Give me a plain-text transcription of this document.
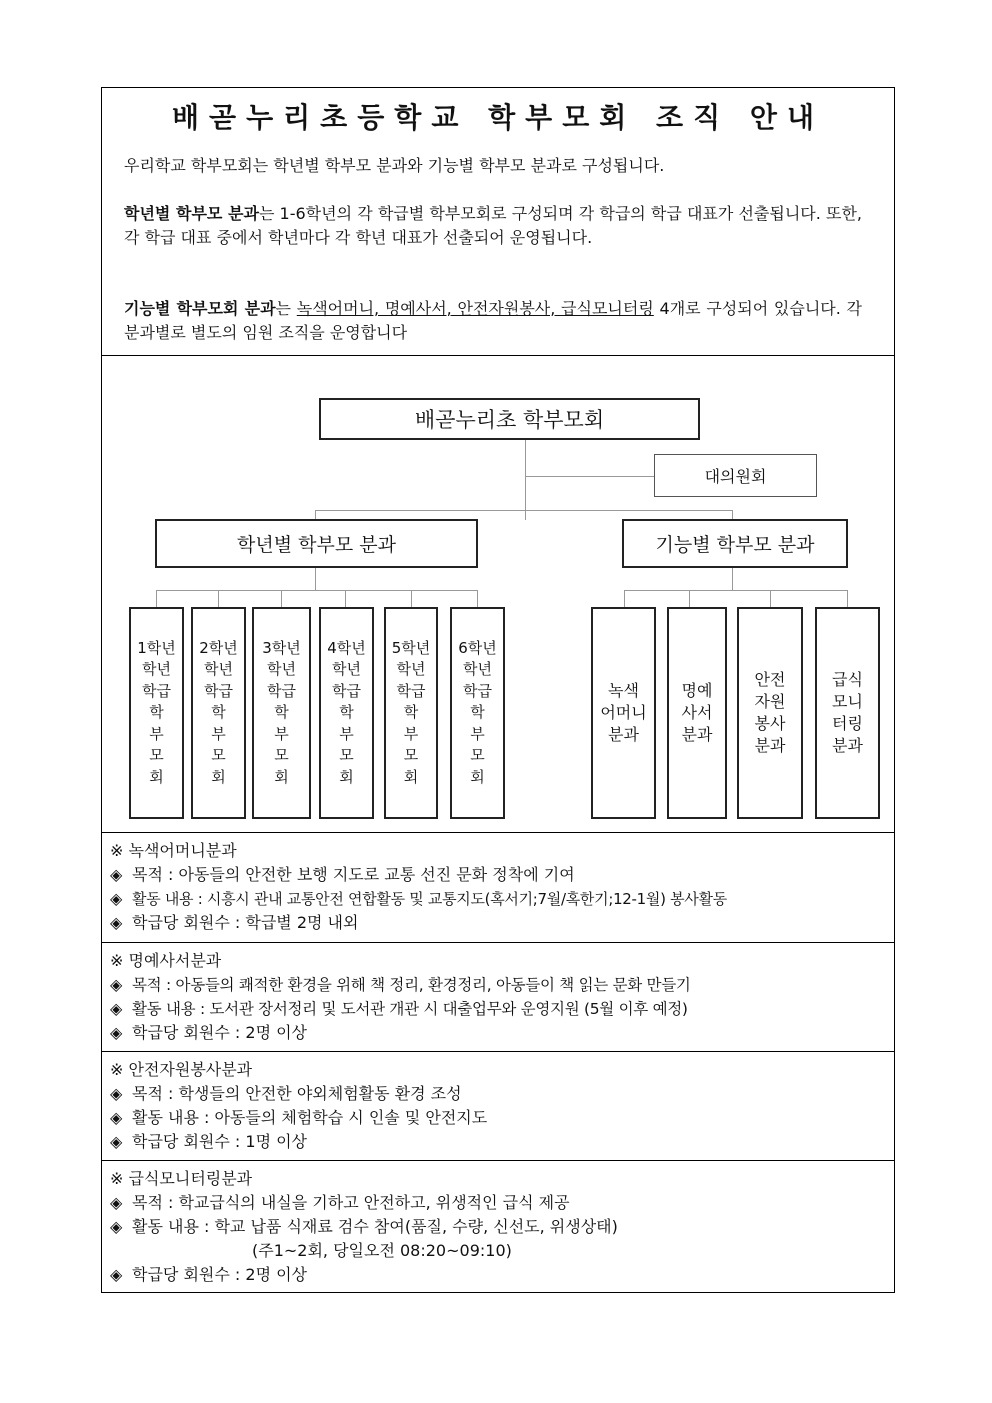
배곧누리초등학교 학부모회 조직 안내
우리학교 학부모회는 학년별 학부모 분과와 기능별 학부모 분과로 구성됩니다.
학년별 학부모 분과는 1-6학년의 각 학급별 학부모회로 구성되며 각 학급의 학급 대표가 선출됩니다. 또한, 각 학급 대표 중에서 학년마다 각 학년 대표가 선출되어 운영됩니다.
기능별 학부모회 분과는 녹색어머니, 명예사서, 안전자원봉사, 급식모니터링 4개로 구성되어 있습니다. 각 분과별로 별도의 임원 조직을 운영합니다
배곧누리초 학부모회
대의원회
학년별 학부모 분과	기능별 학부모 분과
1학년
학년 학급 학 부 모 회
2학년
학년 학급 학 부 모 회
3학년
학년 학급 학 부 모 회
4학년
학년 학급 학 부 모 회
5학년
학년 학급 학 부 모 회
6학년
학년 학급 학 부 모 회
녹색 어머니 분과
명예 사서 분과
안전 자원 봉사 분과
급식 모니 터링 분과
※ 녹색어머니분과
◈ 목적 : 아동들의 안전한 보행 지도로 교통 선진 문화 정착에 기여
◈ 활동 내용 : 시흥시 관내 교통안전 연합활동 및 교통지도(혹서기;7월/혹한기;12-1월) 봉사활동
◈ 학급당 회원수 : 학급별 2명 내외
※ 명예사서분과
◈ 목적 : 아동들의 쾌적한 환경을 위해 책 정리, 환경정리, 아동들이 책 읽는 문화 만들기
◈ 활동 내용 : 도서관 장서정리 및 도서관 개관 시 대출업무와 운영지원 (5월 이후 예정)
◈ 학급당 회원수 : 2명 이상
※ 안전자원봉사분과
◈ 목적 : 학생들의 안전한 야외체험활동 환경 조성
◈ 활동 내용 : 아동들의 체험학습 시 인솔 및 안전지도
◈ 학급당 회원수 : 1명 이상
※ 급식모니터링분과
◈ 목적 : 학교급식의 내실을 기하고 안전하고, 위생적인 급식 제공
◈ 활동 내용 : 학교 납품 식재료 검수 참여(품질, 수량, 신선도, 위생상태)
(주1~2회, 당일오전 08:20~09:10)
◈ 학급당 회원수 : 2명 이상
